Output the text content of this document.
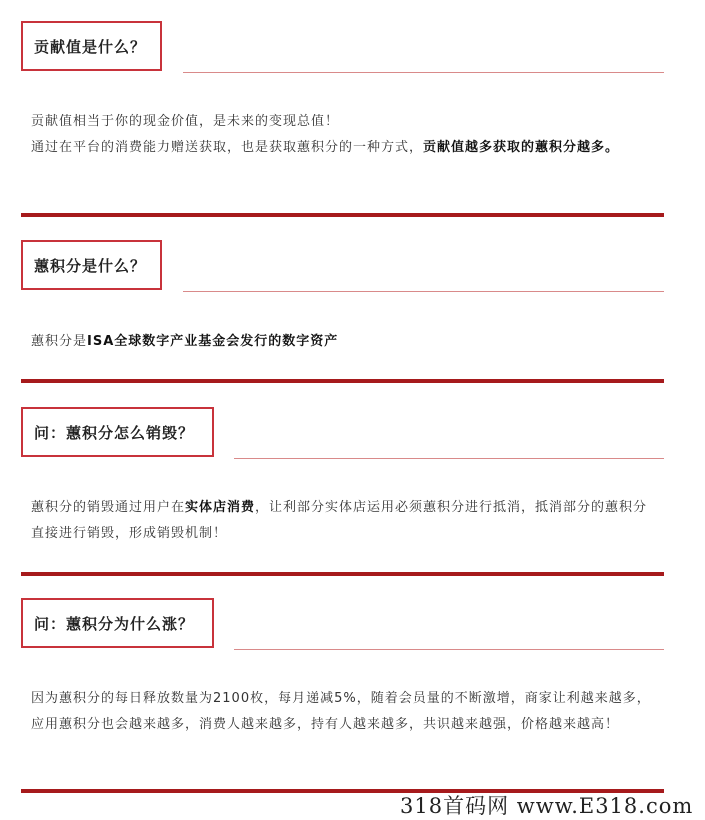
贡献值是什么？
贡献值相当于你的现金价值，是未来的变现总值！
通过在平台的消费能力赠送获取，也是获取蕙积分的一种方式，贡献值越多获取的蕙积分越多。
蕙积分是什么？
蕙积分是ISA全球数字产业基金会发行的数字资产
问：蕙积分怎么销毁？
蕙积分的销毁通过用户在实体店消费，让利部分实体店运用必须蕙积分进行抵消，抵消部分的蕙积分直接进行销毁，形成销毁机制！
问：蕙积分为什么涨？
因为蕙积分的每日释放数量为2100枚，每月递减5%，随着会员量的不断激增，商家让利越来越多，应用蕙积分也会越来越多，消费人越来越多，持有人越来越多，共识越来越强，价格越来越高！
318首码网 www.E318.com
